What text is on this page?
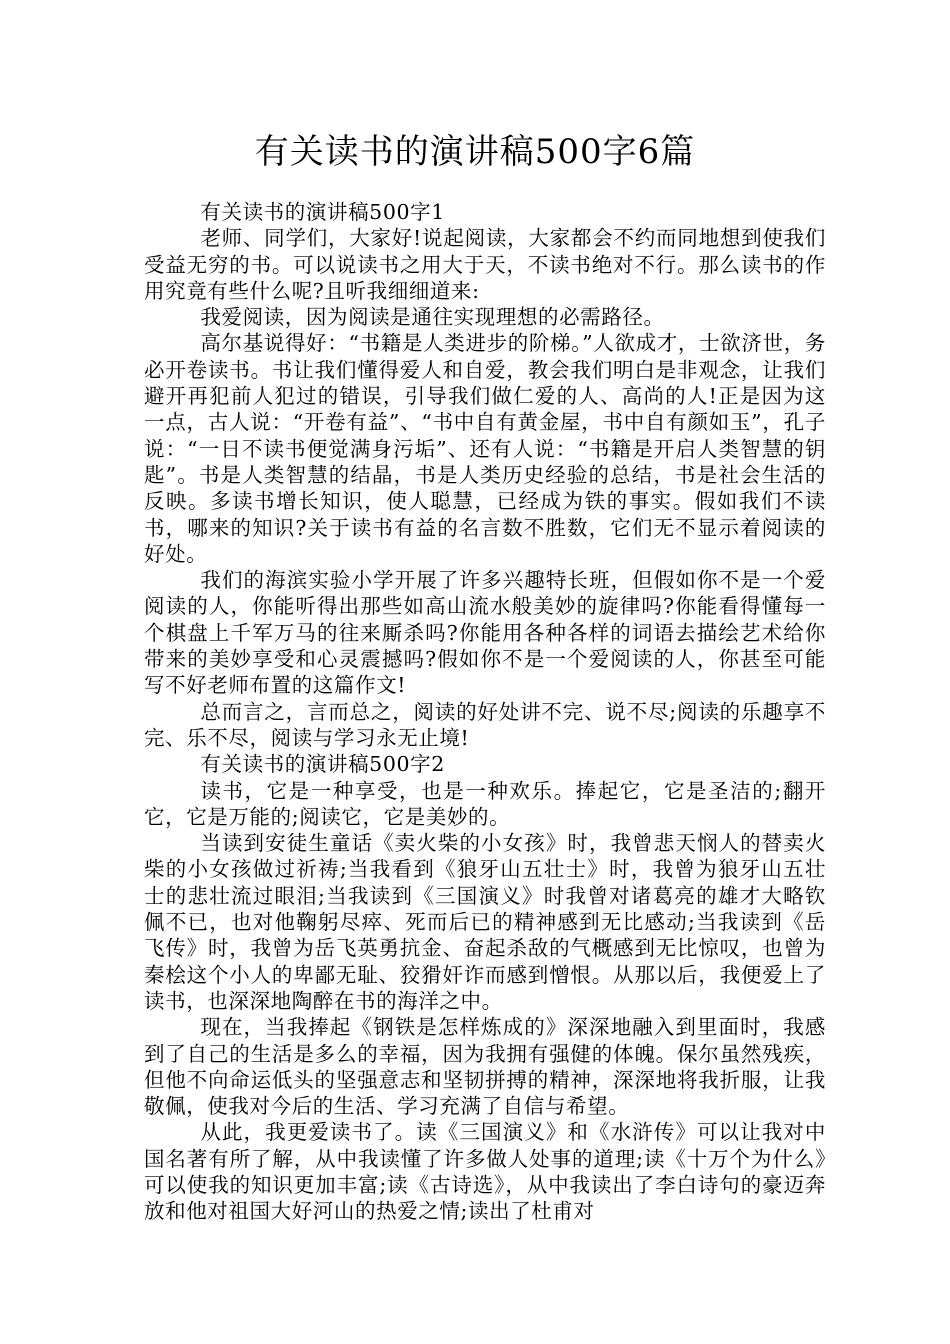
有关读书的演讲稿500字6篇

有关读书的演讲稿500字1

老师、同学们，大家好!说起阅读，大家都会不约而同地想到使我们受益无穷的书。可以说读书之用大于天，不读书绝对不行。那么读书的作用究竟有些什么呢?且听我细细道来:

我爱阅读，因为阅读是通往实现理想的必需路径。

高尔基说得好：“书籍是人类进步的阶梯。”人欲成才，士欲济世，务必开卷读书。书让我们懂得爱人和自爱，教会我们明白是非观念，让我们避开再犯前人犯过的错误，引导我们做仁爱的人、高尚的人!正是因为这一点，古人说：“开卷有益”、“书中自有黄金屋，书中自有颜如玉”，孔子说：“一日不读书便觉满身污垢”、还有人说：“书籍是开启人类智慧的钥匙”。书是人类智慧的结晶，书是人类历史经验的总结，书是社会生活的反映。多读书增长知识，使人聪慧，已经成为铁的事实。假如我们不读书，哪来的知识?关于读书有益的名言数不胜数，它们无不显示着阅读的好处。

我们的海滨实验小学开展了许多兴趣特长班，但假如你不是一个爱阅读的人，你能听得出那些如高山流水般美妙的旋律吗?你能看得懂每一个棋盘上千军万马的往来厮杀吗?你能用各种各样的词语去描绘艺术给你带来的美妙享受和心灵震撼吗?假如你不是一个爱阅读的人，你甚至可能写不好老师布置的这篇作文!

总而言之，言而总之，阅读的好处讲不完、说不尽;阅读的乐趣享不完、乐不尽，阅读与学习永无止境!

有关读书的演讲稿500字2

读书，它是一种享受，也是一种欢乐。捧起它，它是圣洁的;翻开它，它是万能的;阅读它，它是美妙的。

当读到安徒生童话《卖火柴的小女孩》时，我曾悲天悯人的替卖火柴的小女孩做过祈祷;当我看到《狼牙山五壮士》时，我曾为狼牙山五壮士的悲壮流过眼泪;当我读到《三国演义》时我曾对诸葛亮的雄才大略钦佩不已，也对他鞠躬尽瘁、死而后已的精神感到无比感动;当我读到《岳飞传》时，我曾为岳飞英勇抗金、奋起杀敌的气概感到无比惊叹，也曾为秦桧这个小人的卑鄙无耻、狡猾奸诈而感到憎恨。从那以后，我便爱上了读书，也深深地陶醉在书的海洋之中。

现在，当我捧起《钢铁是怎样炼成的》深深地融入到里面时，我感到了自己的生活是多么的幸福，因为我拥有强健的体魄。保尔虽然残疾，但他不向命运低头的坚强意志和坚韧拼搏的精神，深深地将我折服，让我敬佩，使我对今后的生活、学习充满了自信与希望。

从此，我更爱读书了。读《三国演义》和《水浒传》可以让我对中国名著有所了解，从中我读懂了许多做人处事的道理;读《十万个为什么》可以使我的知识更加丰富;读《古诗选》，从中我读出了李白诗句的豪迈奔放和他对祖国大好河山的热爱之情;读出了杜甫对
